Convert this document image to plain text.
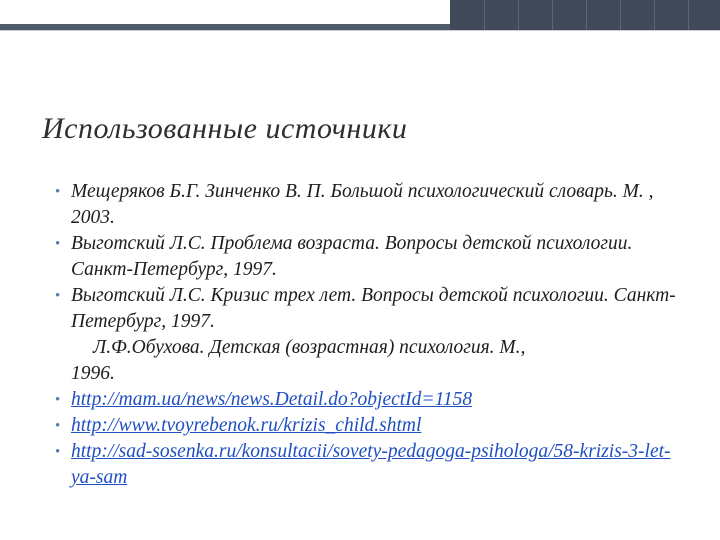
Использованные источники
• Мещеряков Б.Г. Зинченко В. П. Большой психологический словарь. М. , 2003.
• Выготский Л.С. Проблема возраста. Вопросы детской психологии. Санкт-Петербург, 1997.
• Выготский Л.С. Кризис трех лет. Вопросы детской психологии. Санкт-Петербург, 1997.
Л.Ф.Обухова. Детская (возрастная) психология. М.,
1996.
• http://mam.ua/news/news.Detail.do?objectId=1158
• http://www.tvoyrebenok.ru/krizis_child.shtml
• http://sad-sosenka.ru/konsultacii/sovety-pedagoga-psihologa/58-krizis-3-let-ya-sam
